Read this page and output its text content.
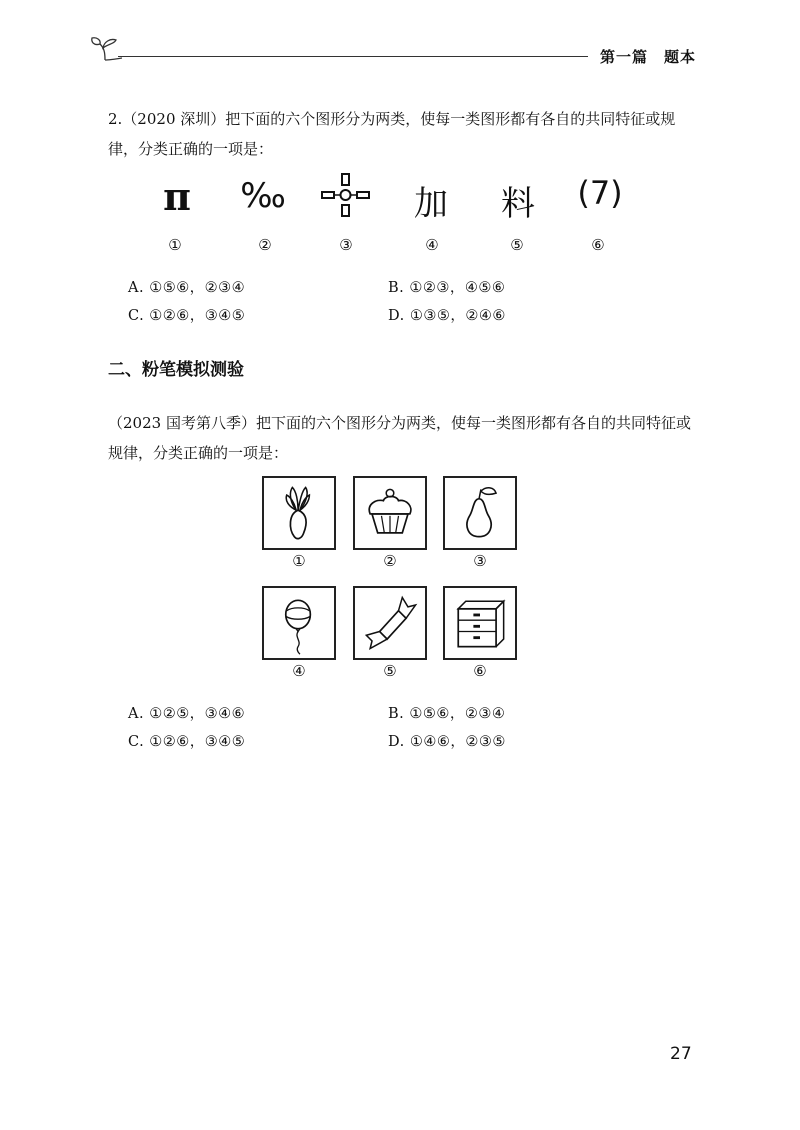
第一篇　题本
2.（2020 深圳）把下面的六个图形分为两类，使每一类图形都有各自的共同特征或规律，分类正确的一项是：
π	‰	加	料	(7)
①	②	③	④	⑤	⑥
A. ①⑤⑥，②③④	B. ①②③，④⑤⑥
C. ①②⑥，③④⑤	D. ①③⑤，②④⑥
二、粉笔模拟测验
（2023 国考第八季）把下面的六个图形分为两类，使每一类图形都有各自的共同特征或规律，分类正确的一项是：
①	②	③
④	⑤	⑥
A. ①②⑤，③④⑥	B. ①⑤⑥，②③④
C. ①②⑥，③④⑤	D. ①④⑥，②③⑤
27
